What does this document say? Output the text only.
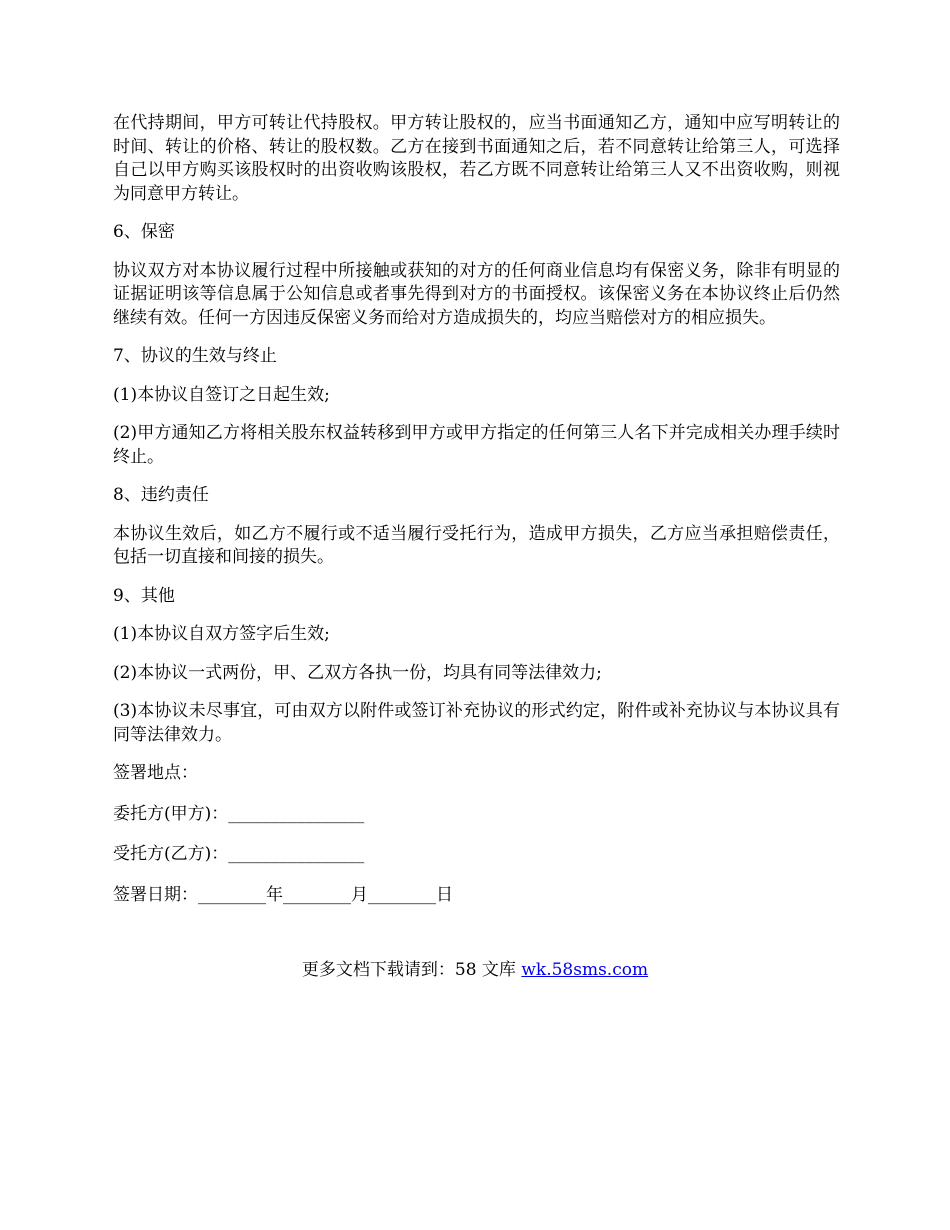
在代持期间，甲方可转让代持股权。甲方转让股权的，应当书面通知乙方，通知中应写明转让的时间、转让的价格、转让的股权数。乙方在接到书面通知之后，若不同意转让给第三人，可选择自己以甲方购买该股权时的出资收购该股权，若乙方既不同意转让给第三人又不出资收购，则视为同意甲方转让。

6、保密

协议双方对本协议履行过程中所接触或获知的对方的任何商业信息均有保密义务，除非有明显的证据证明该等信息属于公知信息或者事先得到对方的书面授权。该保密义务在本协议终止后仍然继续有效。任何一方因违反保密义务而给对方造成损失的，均应当赔偿对方的相应损失。

7、协议的生效与终止

(1)本协议自签订之日起生效;

(2)甲方通知乙方将相关股东权益转移到甲方或甲方指定的任何第三人名下并完成相关办理手续时终止。

8、违约责任

本协议生效后，如乙方不履行或不适当履行受托行为，造成甲方损失，乙方应当承担赔偿责任，包括一切直接和间接的损失。

9、其他

(1)本协议自双方签字后生效;

(2)本协议一式两份，甲、乙双方各执一份，均具有同等法律效力;

(3)本协议未尽事宜，可由双方以附件或签订补充协议的形式约定，附件或补充协议与本协议具有同等法律效力。

签署地点：

委托方(甲方)：________________

受托方(乙方)：________________

签署日期：________年________月________日

更多文档下载请到：58 文库 wk.58sms.com
